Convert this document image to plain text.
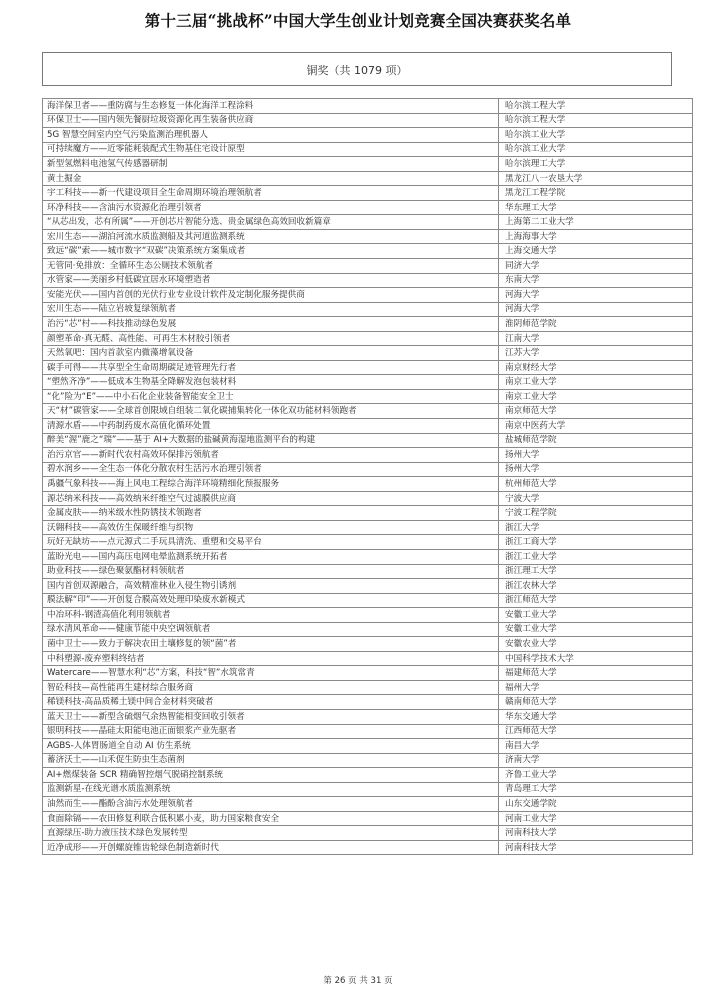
第十三届“挑战杯”中国大学生创业计划竞赛全国决赛获奖名单
铜奖（共 1079 项）
海洋保卫者——重防腐与生态修复一体化海洋工程涂料	哈尔滨工程大学
环保卫士——国内领先餐厨垃圾资源化再生装备供应商	哈尔滨工程大学
5G 智慧空间室内空气污染监测治理机器人	哈尔滨工业大学
可持续魔方——近零能耗装配式生物基住宅设计原型	哈尔滨工业大学
新型氢燃料电池氢气传感器研制	哈尔滨理工大学
黄土掘金	黑龙江八一农垦大学
宇工科技——新一代建设项目全生命周期环境治理领航者	黑龙江工程学院
环净科技——含油污水资源化治理引领者	华东理工大学
“从芯出发，芯有所属”——开创芯片智能分选、贵金属绿色高效回收新篇章	上海第二工业大学
宏川生态——湖泊河流水质监测船及其河道监测系统	上海海事大学
致远“碳”索——城市数字“双碳”决策系统方案集成者	上海交通大学
无管同·免排放：全循环生态公厕技术领航者	同济大学
水管家——美丽乡村低碳宜居水环境塑造者	东南大学
安能光伏——国内首创的光伏行业专业设计软件及定制化服务提供商	河海大学
宏川生态——陆立岩坡复绿领航者	河海大学
治污“芯”村——科技推动绿色发展	淮阴师范学院
颜塑革命·真无醛、高性能、可再生木材胶引领者	江南大学
天然氧吧：国内首款室内微藻增氧设备	江苏大学
碳手可得——共享型全生命周期碳足迹管理先行者	南京财经大学
“塑然齐净”——低成本生物基全降解发泡包装材料	南京工业大学
“化”险为“E”——中小石化企业装备智能安全卫士	南京工业大学
天“材”碳管家——全球首创限域自组装二氧化碳捕集转化一体化双功能材料领跑者	南京师范大学
清源水盾——中药制药废水高值化循环处置	南京中医药大学
醉美“渥”鹿之“瑞”——基于 AI+大数据的盐碱黄海湿地监测平台的构建	盐城师范学院
治污京官——新时代农村高效环保排污领航者	扬州大学
碧水润乡——全生态一体化分散农村生活污水治理引领者	扬州大学
禹疆气象科技——海上风电工程综合海洋环境精细化预报服务	杭州师范大学
源芯纳米科技——高效纳米纤维空气过滤膜供应商	宁波大学
金属皮肤——纳米级水性防锈技术领跑者	宁波工程学院
沃翱科技——高效仿生保暖纤维与织物	浙江大学
玩好无缺坊——点元源式二手玩具清洗、重塑和交易平台	浙江工商大学
蓝盼光电——国内高压电网电晕监测系统开拓者	浙江工业大学
助业科技——绿色聚氨酯材料领航者	浙江理工大学
国内首创双源融合，高效精准林业入侵生物引诱剂	浙江农林大学
膜法解“印”——开创复合膜高效处理印染废水新模式	浙江师范大学
中冶环科-钢渣高值化利用领航者	安徽工业大学
绿水清风革命——健康节能中央空调领航者	安徽工业大学
菌中卫士——致力于解决农田土壤修复的领“菌”者	安徽农业大学
中科塑源-废弃塑料终结者	中国科学技术大学
Watercare——智慧水利“芯”方案，科技“智”水筑常青	福建师范大学
智砼科技—高性能再生建材综合服务商	福州大学
稀镁科技-高品质稀土镁中间合金材料突破者	赣南师范大学
蓝天卫士——新型含硫烟气余热智能相变回收引领者	华东交通大学
银明科技——晶硅太阳能电池正面银浆产业先驱者	江西师范大学
AGBS-人体胃肠道全自动 AI 仿生系统	南昌大学
蓄济沃土——山禾促生防虫生态菌剂	济南大学
AI+燃煤装备 SCR 精确智控烟气脱硝控制系统	齐鲁工业大学
监测新星-在线光谱水质监测系统	青岛理工大学
油然而生——酯酚含油污水处理领航者	山东交通学院
食面除镉——农田修复利联合低积累小麦，助力国家粮食安全	河南工业大学
直源绿压-助力液压技术绿色发展转型	河南科技大学
近净成形——开创螺旋锥齿轮绿色制造新时代	河南科技大学
第 26 页 共 31 页
